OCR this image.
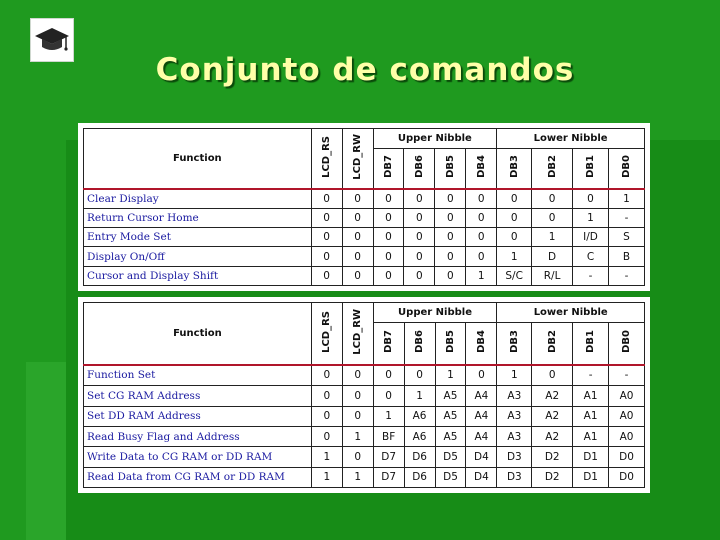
Conjunto de comandos
Function	LCD_RS	LCD_RW	Upper Nibble				Lower Nibble			
			DB7	DB6	DB5	DB4	DB3	DB2	DB1	DB0
Clear Display	0	0	0	0	0	0	0	0	0	1
Return Cursor Home	0	0	0	0	0	0	0	0	1	-
Entry Mode Set	0	0	0	0	0	0	0	1	I/D	S
Display On/Off	0	0	0	0	0	0	1	D	C	B
Cursor and Display Shift	0	0	0	0	0	1	S/C	R/L	-	-
Function	LCD_RS	LCD_RW	Upper Nibble				Lower Nibble			
			DB7	DB6	DB5	DB4	DB3	DB2	DB1	DB0
Function Set	0	0	0	0	1	0	1	0	-	-
Set CG RAM Address	0	0	0	1	A5	A4	A3	A2	A1	A0
Set DD RAM Address	0	0	1	A6	A5	A4	A3	A2	A1	A0
Read Busy Flag and Address	0	1	BF	A6	A5	A4	A3	A2	A1	A0
Write Data to CG RAM or DD RAM	1	0	D7	D6	D5	D4	D3	D2	D1	D0
Read Data from CG RAM or DD RAM	1	1	D7	D6	D5	D4	D3	D2	D1	D0
